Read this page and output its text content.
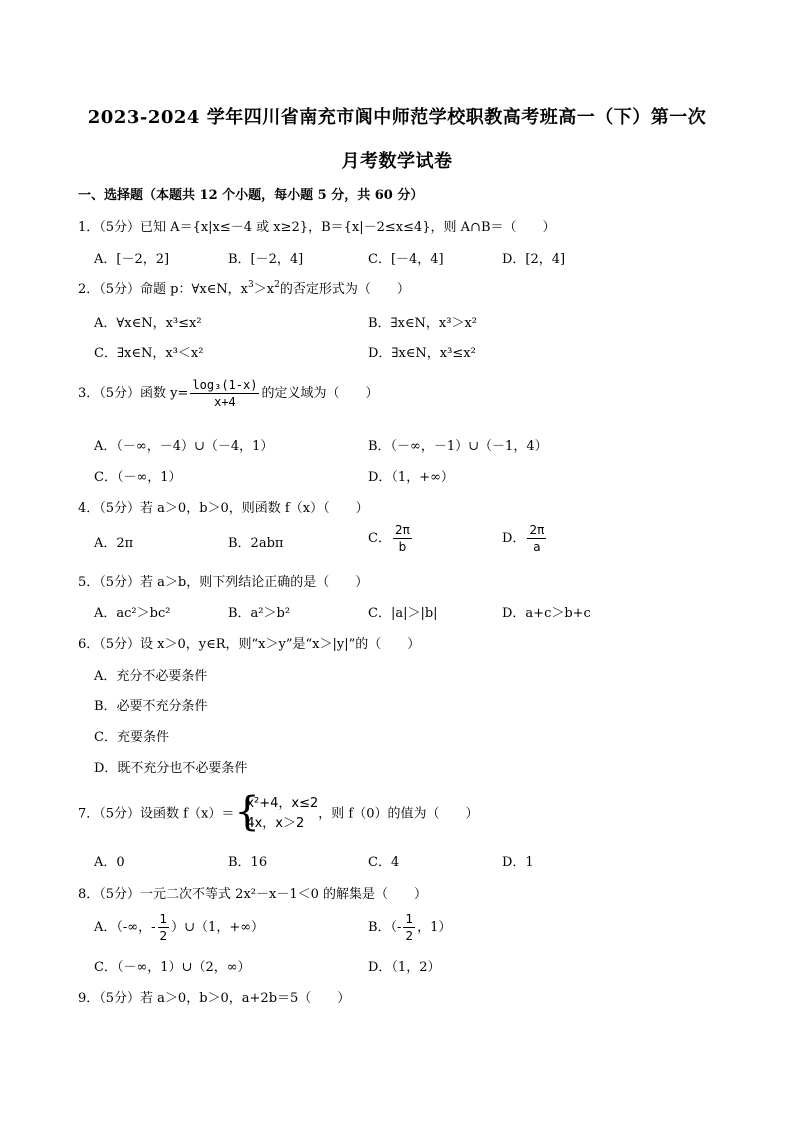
2023-2024 学年四川省南充市阆中师范学校职教高考班高一（下）第一次
月考数学试卷
一、选择题（本题共 12 个小题，每小题 5 分，共 60 分）
1．（5分）已知 A＝{x|x≤－4 或 x≥2}，B＝{x|－2≤x≤4}，则 A∩B＝（　　）
A．[－2，2]	B．[－2，4]	C．[－4，4]	D．[2，4]
2．（5分）命题 p：∀x∈N，$x^3>x^2$的否定形式为（　　）
A．∀x∈N，x³≤x²	B．∃x∈N，x³＞x²
C．∃x∈N，x³＜x²	D．∃x∈N，x³≤x²
3．（5分）函数 $y= \frac{\text{log₃(1-x)}}{x+4}$ 的定义域为（　　）
A．（－∞，－4）∪（－4，1）	B．（－∞，－1）∪（－1，4）
C．（－∞，1）	D．（1，+∞）
4．（5分）若 a＞0，b＞0，则函数 f（x）（　　）
A．2π	B．2abπ	C． $\frac{2\pi}{b}$	D． $\frac{2\pi}{a}$
5．（5分）若 a＞b，则下列结论正确的是（　　）
A．ac²＞bc²	B．a²＞b²	C．|a|＞|b|	D．a+c＞b+c
6．（5分）设 x＞0，y∈R，则“x＞y”是“x＞|y|”的（　　）
A．充分不必要条件
B．必要不充分条件
C．充要条件
D．既不充分也不必要条件
7．（5分）设函数 f（x）＝ {
x²+4，x≤2
4x，x＞2
，则 f（0）的值为（　　）
A．0	B．16	C．4	D．1
8．（5分）一元二次不等式 2x²－x－1＜0 的解集是（　　）
A．（-∞，- $\frac{1}{2}$ ）∪（1，+∞）	B．（- $\frac{1}{2}$ ，1）
C．（－∞，1）∪（2，∞）	D．（1，2）
9．（5分）若 a＞0，b＞0，a+2b＝5（　　）
